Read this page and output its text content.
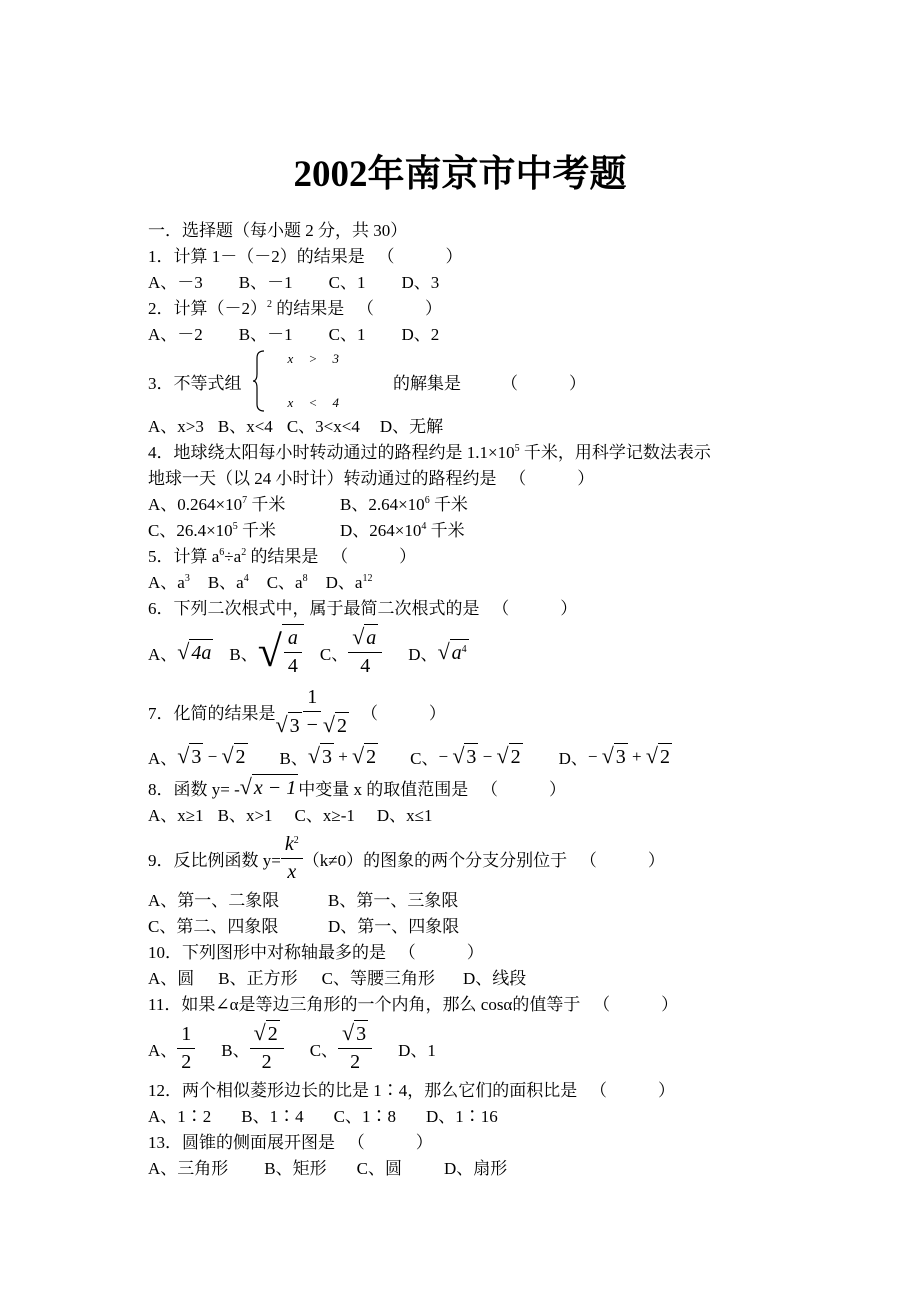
2002年南京市中考题
一．选择题（每小题 2 分，共 30）
1．计算 1－（－2）的结果是 　（　　　）
A、－3 B、－1 C、1 D、3
2．计算$(-2)^2$ 的结果是 　（　　　）
A、－2 B、－1 C、1 D、2
3．不等式组
x > 3
x < 4
的解集是 （　　　）
A、x>3 B、x<4 C、3<x<4 D、无解
4．地球绕太阳每小时转动通过的路程约是 $1.1\times 10^5$ 千米，用科学记数法表示
地球一天（以 24 小时计）转动通过的路程约是 　（　　　）
A、$0.264\times 10^7$ 千米	B、$2.64\times 10^6$ 千米
C、$26.4\times 10^5$ 千米	D、$264\times 10^4$ 千米
5．计算 $a^6\div a^2$ 的结果是 　（　　　）
A、$a^3$ B、$a^4$ C、$a^8$ D、$a^{12}$
6．下列二次根式中，属于最简二次根式的是 　（　　　）
A、 √ 4a B、 √ $\frac{a}{4}$ C、 $\frac{√ a}{4}$ D、 √ $a^4$
7．化简的结果是 $\frac{1}{√ 3 - √ 2}$ （　　　）
A、 √ 3 − √ 2 B、 √ 3 + √ 2 C、 − √ 3 − √ 2 D、 − √ 3 + √ 2
8．函数 y= - √ x − 1 中变量 x 的取值范围是 　（　　　）
A、x≥1 B、x>1 C、x≥-1 D、x≤1
9．反比例函数 $y= \frac{k^2}{x} (k\ne 0)$的图象的两个分支分别位于 　（　　　）
A、第一、二象限	B、第一、三象限
C、第二、四象限	D、第一、四象限
10．下列图形中对称轴最多的是 　（　　　）
A、圆 B、正方形 C、等腰三角形 D、线段
11．如果∠α是等边三角形的一个内角，那么 cosα的值等于 　（　　　）
A、 $\frac{1}{2}$ B、 $\frac{√ 2}{2}$ C、 $\frac{√ 3}{2}$ D、1
12．两个相似菱形边长的比是 1∶4，那么它们的面积比是 　（　　　）
A、1∶2 B、1∶4 C、1∶8 D、1∶16
13．圆锥的侧面展开图是 　（　　　）
A、三角形 B、矩形 C、圆 D、扇形
